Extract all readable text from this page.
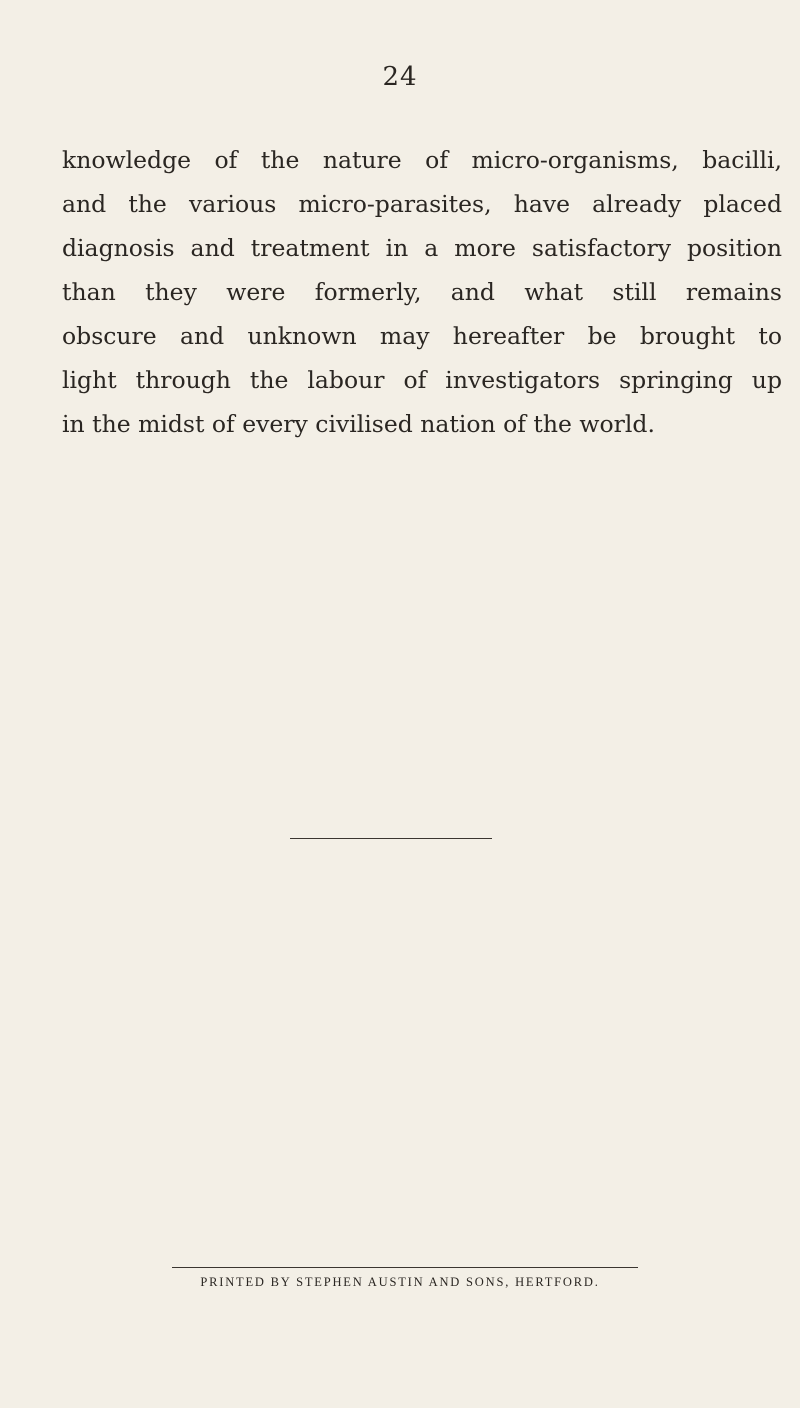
24
knowledge of the nature of micro-organisms, bacilli,
and the various micro-parasites, have already placed
diagnosis and treatment in a more satisfactory position
than they were formerly, and what still remains
obscure and unknown may hereafter be brought to
light through the labour of investigators springing up
in the midst of every civilised nation of the world.
PRINTED BY STEPHEN AUSTIN AND SONS, HERTFORD.
